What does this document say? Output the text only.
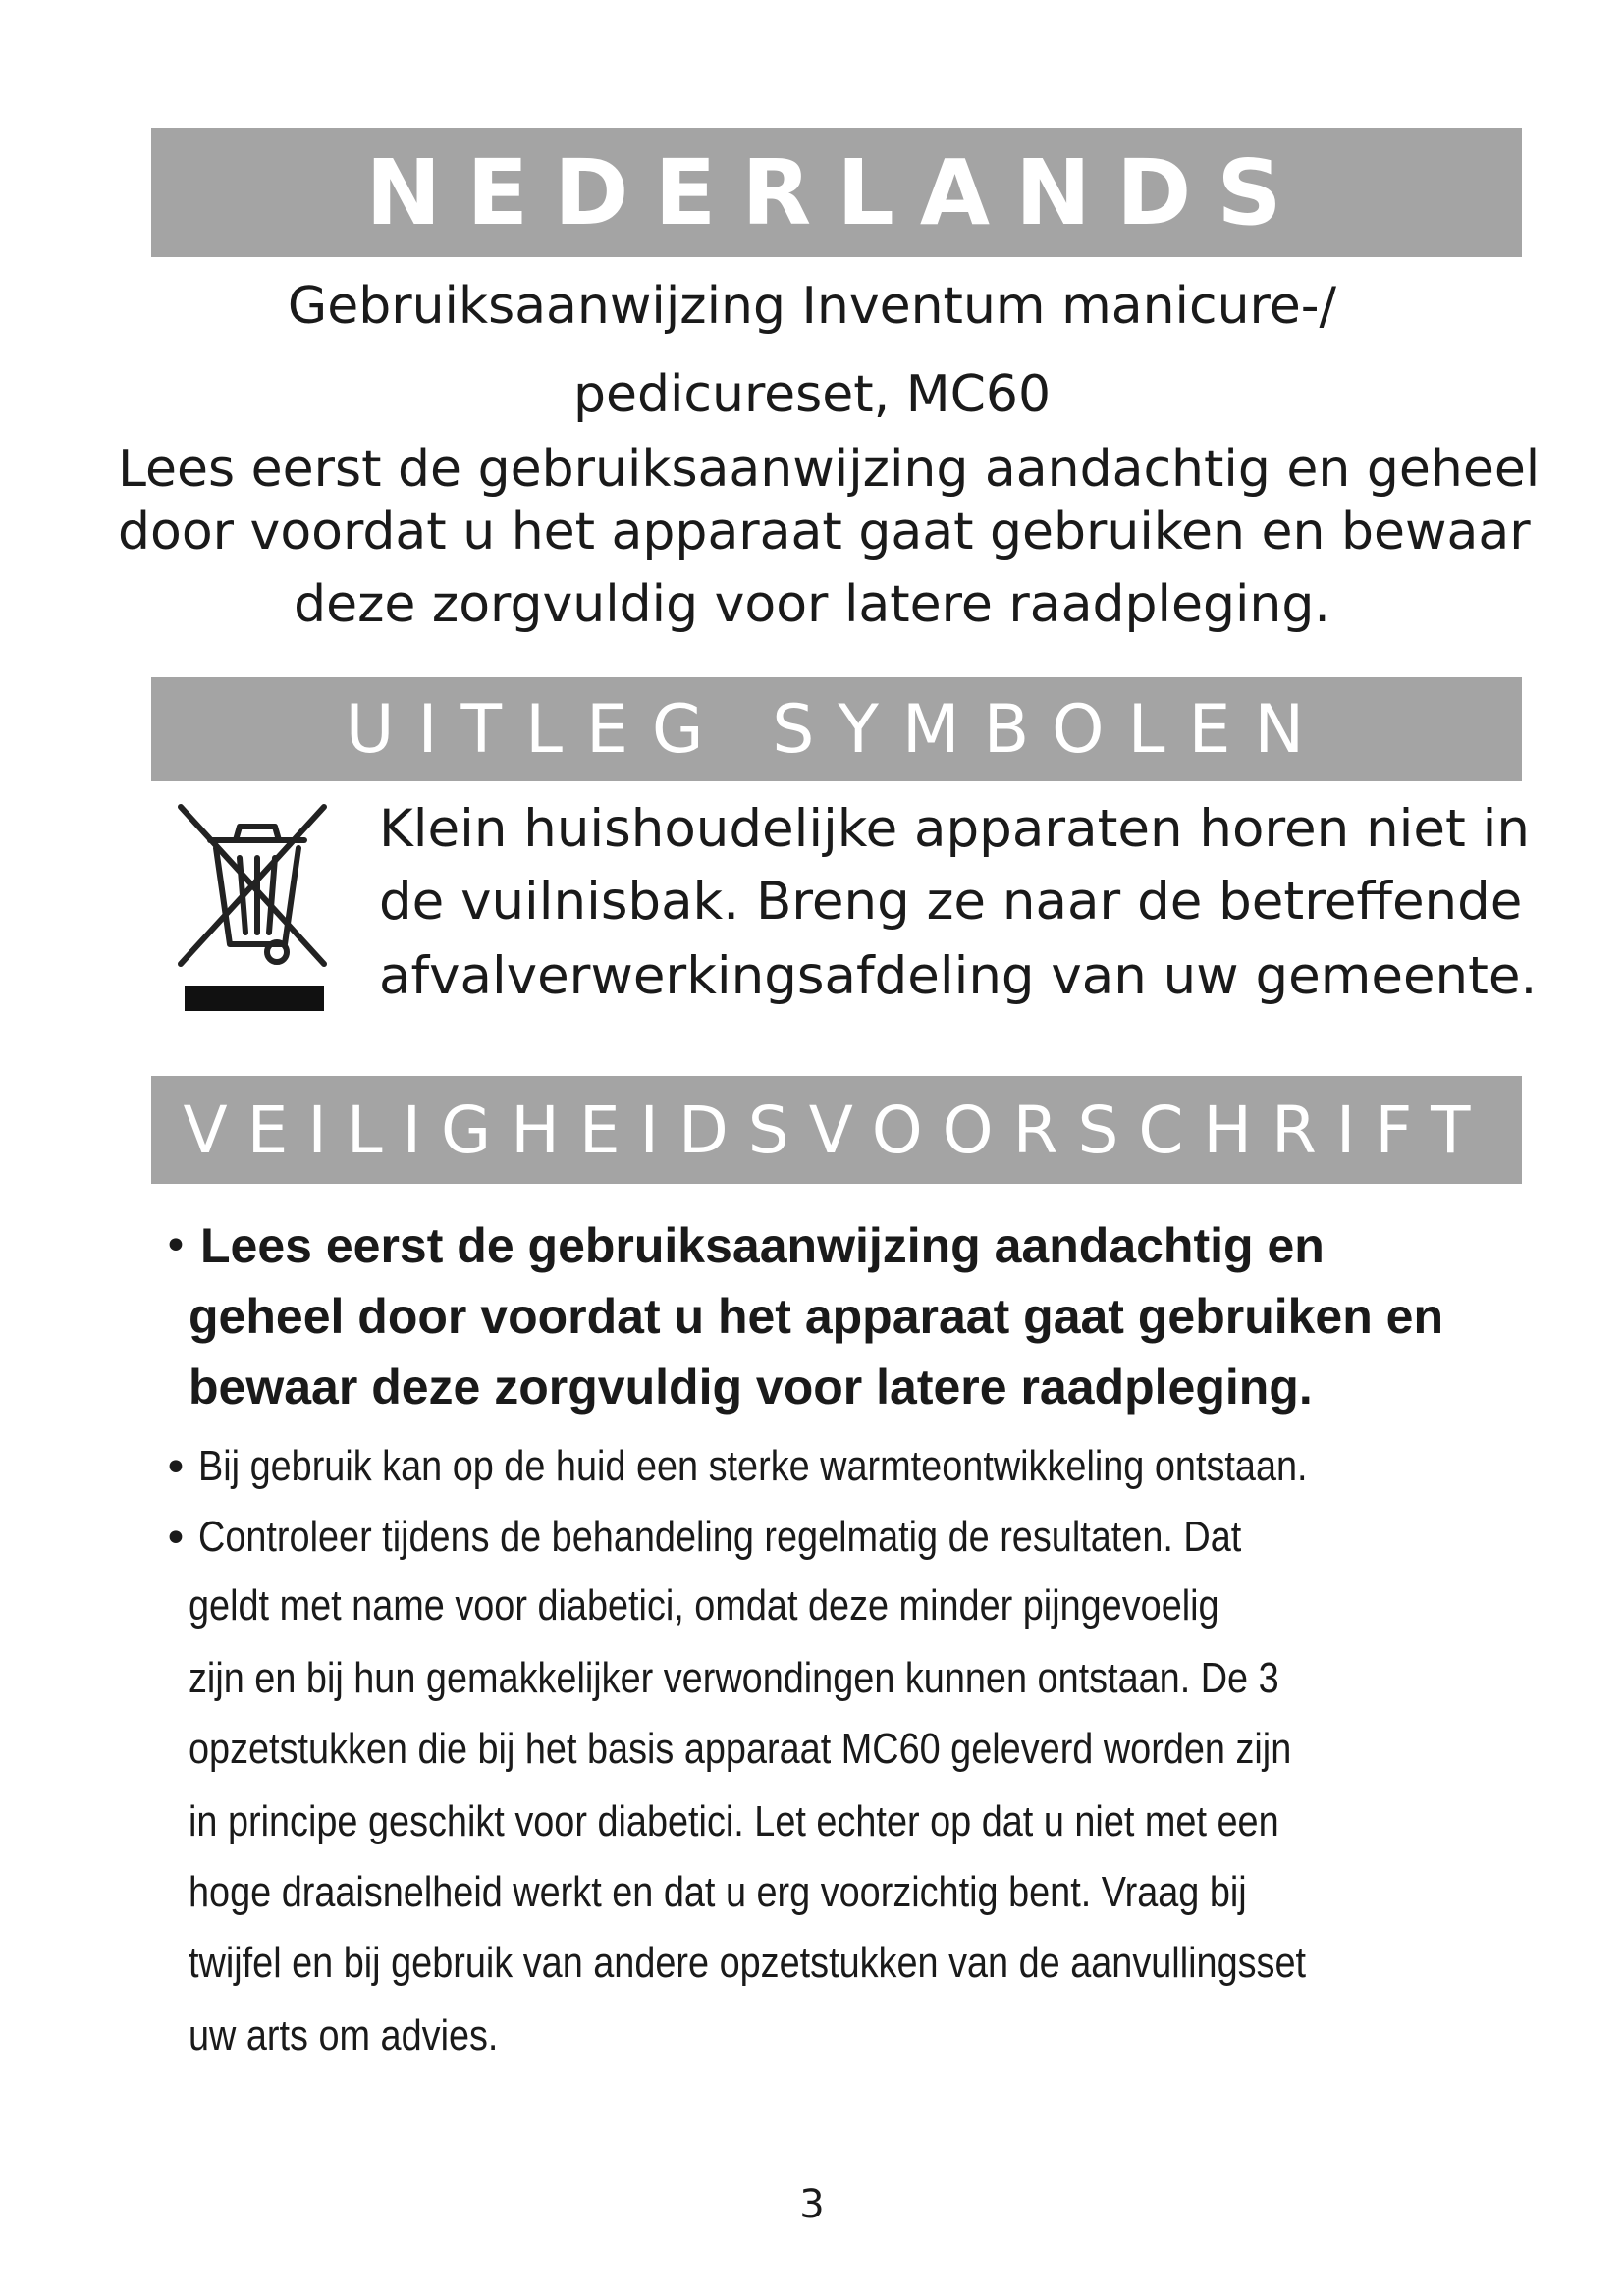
NEDERLANDS
Gebruiksaanwijzing Inventum manicure-/
pedicureset, MC60
Lees eerst de gebruiksaanwijzing aandachtig en geheel
door voordat u het apparaat gaat gebruiken en bewaar
deze zorgvuldig voor latere raadpleging.
UITLEG SYMBOLEN
Klein huishoudelijke apparaten horen niet in
de vuilnisbak. Breng ze naar de betreffende
afvalverwerkingsafdeling van uw gemeente.
VEILIGHEIDSVOORSCHRIFT
• Lees eerst de gebruiksaanwijzing aandachtig en
geheel door voordat u het apparaat gaat gebruiken en
bewaar deze zorgvuldig voor latere raadpleging.
• Bij gebruik kan op de huid een sterke warmteontwikkeling ontstaan.
• Controleer tijdens de behandeling regelmatig de resultaten. Dat
geldt met name voor diabetici, omdat deze minder pijngevoelig
zijn en bij hun gemakkelijker verwondingen kunnen ontstaan. De 3
opzetstukken die bij het basis apparaat MC60 geleverd worden zijn
in principe geschikt voor diabetici. Let echter op dat u niet met een
hoge draaisnelheid werkt en dat u erg voorzichtig bent. Vraag bij
twijfel en bij gebruik van andere opzetstukken van de aanvullingsset
uw arts om advies.
3
